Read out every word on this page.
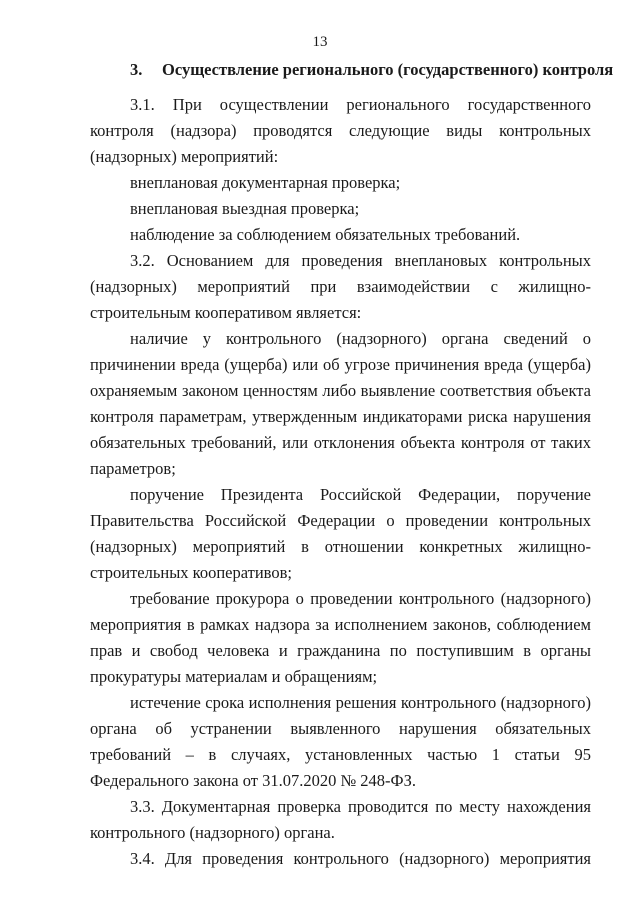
13
3. Осуществление регионального (государственного) контроля

3.1. При осуществлении регионального государственного контроля (надзора) проводятся следующие виды контрольных (надзорных) мероприятий:

внеплановая документарная проверка;

внеплановая выездная проверка;

наблюдение за соблюдением обязательных требований.

3.2. Основанием для проведения внеплановых контрольных (надзорных) мероприятий при взаимодействии с жилищно-строительным кооперативом является:

наличие у контрольного (надзорного) органа сведений о причинении вреда (ущерба) или об угрозе причинения вреда (ущерба) охраняемым законом ценностям либо выявление соответствия объекта контроля параметрам, утвержденным индикаторами риска нарушения обязательных требований, или отклонения объекта контроля от таких параметров;

поручение Президента Российской Федерации, поручение Правительства Российской Федерации о проведении контрольных (надзорных) мероприятий в отношении конкретных жилищно-строительных кооперативов;

требование прокурора о проведении контрольного (надзорного) мероприятия в рамках надзора за исполнением законов, соблюдением прав и свобод человека и гражданина по поступившим в органы прокуратуры материалам и обращениям;

истечение срока исполнения решения контрольного (надзорного) органа об устранении выявленного нарушения обязательных требований – в случаях, установленных частью 1 статьи 95 Федерального закона от 31.07.2020 № 248-ФЗ.

3.3. Документарная проверка проводится по месту нахождения контрольного (надзорного) органа.

3.4. Для проведения контрольного (надзорного) мероприятия
